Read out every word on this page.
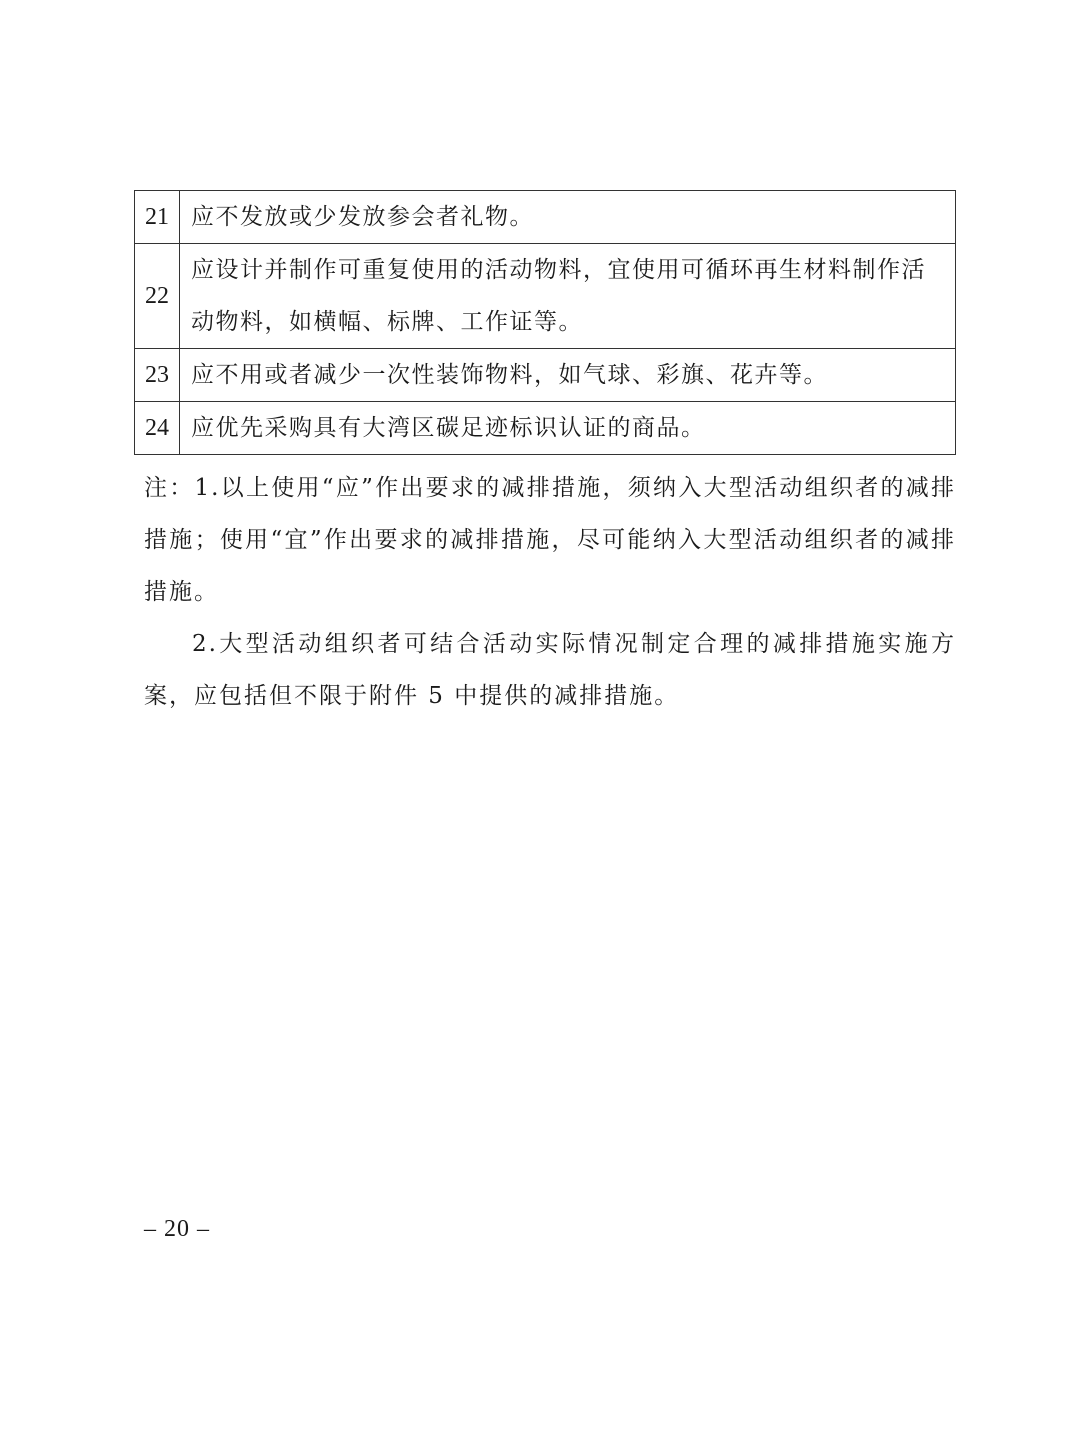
21	应不发放或少发放参会者礼物。
22	应设计并制作可重复使用的活动物料，宜使用可循环再生材料制作活动物料，如横幅、标牌、工作证等。
23	应不用或者减少一次性装饰物料，如气球、彩旗、花卉等。
24	应优先采购具有大湾区碳足迹标识认证的商品。

注：1.以上使用“应”作出要求的减排措施，须纳入大型活动组织者的减排措施；使用“宜”作出要求的减排措施，尽可能纳入大型活动组织者的减排措施。

2.大型活动组织者可结合活动实际情况制定合理的减排措施实施方案，应包括但不限于附件 5 中提供的减排措施。

– 20 –
